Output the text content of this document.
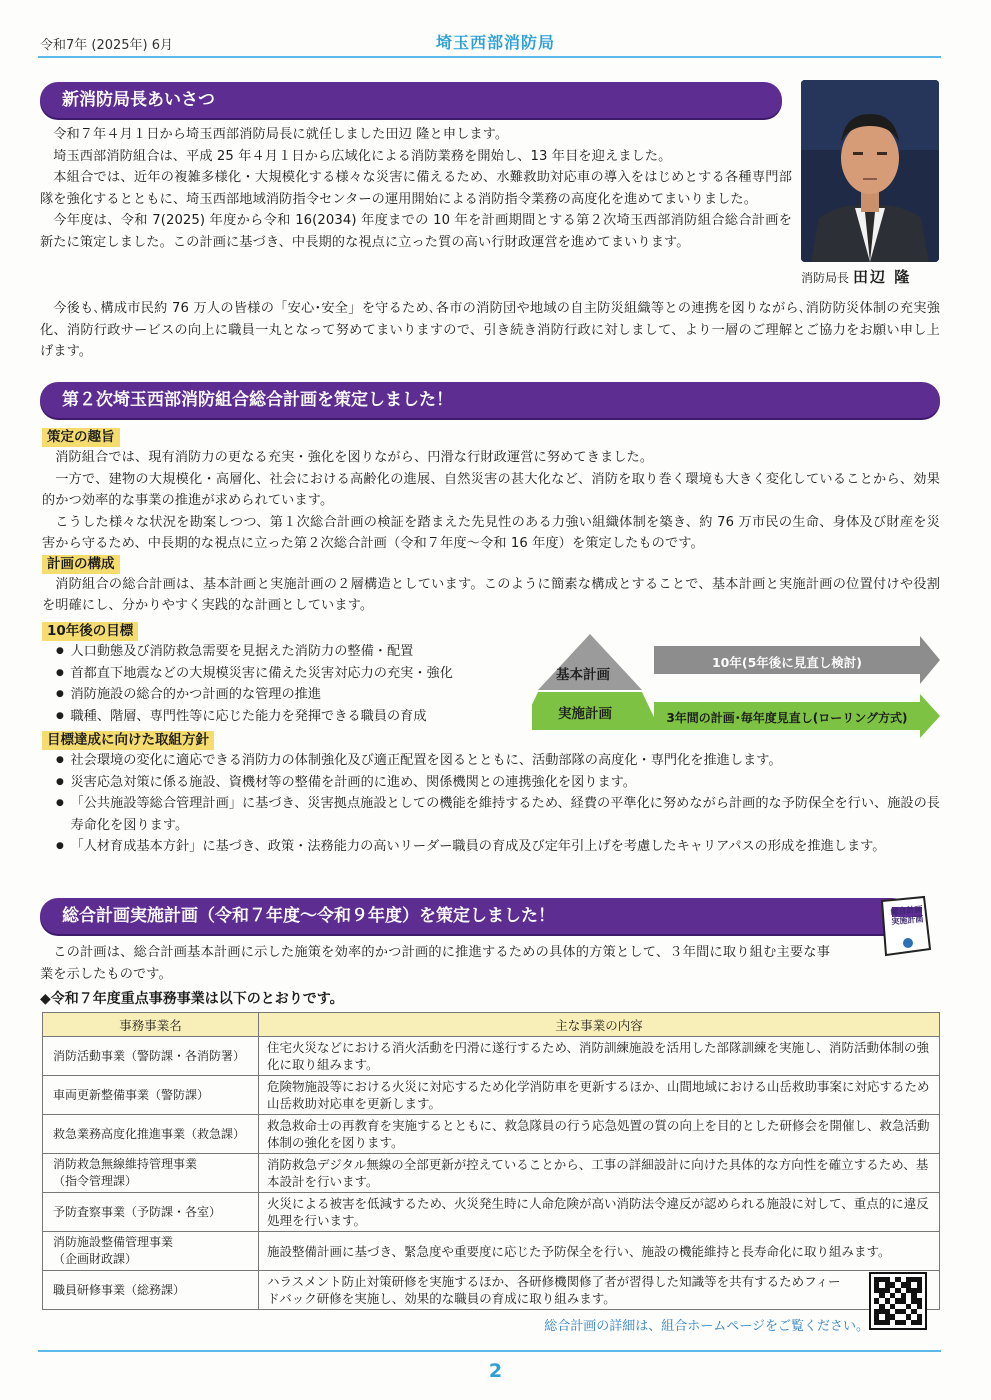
令和7年 (2025年) 6月	埼玉西部消防局
新消防局長あいさつ
消防局長 田辺 隆

令和７年４月１日から埼玉西部消防局長に就任しました田辺 隆と申します。

埼玉西部消防組合は、平成 25 年４月１日から広域化による消防業務を開始し、13 年目を迎えました。

本組合では、近年の複雑多様化・大規模化する様々な災害に備えるため、水難救助対応車の導入をはじめとする各種専門部隊を強化するとともに、埼玉西部地域消防指令センターの運用開始による消防指令業務の高度化を進めてまいりました。

今年度は、令和 7(2025) 年度から令和 16(2034) 年度までの 10 年を計画期間とする第２次埼玉西部消防組合総合計画を新たに策定しました。この計画に基づき、中長期的な視点に立った質の高い行財政運営を進めてまいります。

今後も､構成市民約 76 万人の皆様の「安心･安全」を守るため､各市の消防団や地域の自主防災組織等との連携を図りながら､消防防災体制の充実強化、消防行政サービスの向上に職員一丸となって努めてまいりますので、引き続き消防行政に対しまして、より一層のご理解とご協力をお願い申し上げます。

第２次埼玉西部消防組合総合計画を策定しました！
策定の趣旨

消防組合では、現有消防力の更なる充実・強化を図りながら、円滑な行財政運営に努めてきました。

一方で、建物の大規模化・高層化、社会における高齢化の進展、自然災害の甚大化など、消防を取り巻く環境も大きく変化していることから、効果的かつ効率的な事業の推進が求められています。

こうした様々な状況を勘案しつつ、第１次総合計画の検証を踏まえた先見性のある力強い組織体制を築き、約 76 万市民の生命、身体及び財産を災害から守るため、中長期的な視点に立った第２次総合計画（令和７年度～令和 16 年度）を策定したものです。

計画の構成

消防組合の総合計画は、基本計画と実施計画の２層構造としています。このように簡素な構成とすることで、基本計画と実施計画の位置付けや役割を明確にし、分かりやすく実践的な計画としています。

10年後の目標
● 人口動態及び消防救急需要を見据えた消防力の整備・配置
● 首都直下地震などの大規模災害に備えた災害対応力の充実・強化
● 消防施設の総合的かつ計画的な管理の推進
● 職種、階層、専門性等に応じた能力を発揮できる職員の育成
基本計画
実施計画
10年(5年後に見直し検討)
3年間の計画･毎年度見直し(ローリング方式)
目標達成に向けた取組方針
● 社会環境の変化に適応できる消防力の体制強化及び適正配置を図るとともに、活動部隊の高度化・専門化を推進します。
● 災害応急対策に係る施設、資機材等の整備を計画的に進め、関係機関との連携強化を図ります。
● 「公共施設等総合管理計画」に基づき、災害拠点施設としての機能を維持するため、経費の平準化に努めながら計画的な予防保全を行い、施設の長寿命化を図ります。
● 「人材育成基本方針」に基づき、政策・法務能力の高いリーダー職員の育成及び定年引上げを考慮したキャリアパスの形成を推進します。
総合計画実施計画（令和７年度～令和９年度）を策定しました！	総合計画
実施計画

この計画は、総合計画基本計画に示した施策を効率的かつ計画的に推進するための具体的方策として、３年間に取り組む主要な事業を示したものです。

◆令和７年度重点事務事業は以下のとおりです。
事務事業名	主な事業の内容
消防活動事業（警防課・各消防署）	住宅火災などにおける消火活動を円滑に遂行するため、消防訓練施設を活用した部隊訓練を実施し、消防活動体制の強化に取り組みます。
車両更新整備事業（警防課）	危険物施設等における火災に対応するため化学消防車を更新するほか、山間地域における山岳救助事案に対応するため山岳救助対応車を更新します。
救急業務高度化推進事業（救急課）	救急救命士の再教育を実施するとともに、救急隊員の行う応急処置の質の向上を目的とした研修会を開催し、救急活動体制の強化を図ります。
消防救急無線維持管理事業
（指令管理課）	消防救急デジタル無線の全部更新が控えていることから、工事の詳細設計に向けた具体的な方向性を確立するため、基本設計を行います。
予防査察事業（予防課・各室）	火災による被害を低減するため、火災発生時に人命危険が高い消防法令違反が認められる施設に対して、重点的に違反処理を行います。
消防施設整備管理事業
（企画財政課）	施設整備計画に基づき、緊急度や重要度に応じた予防保全を行い、施設の機能維持と長寿命化に取り組みます。
職員研修事業（総務課）	ハラスメント防止対策研修を実施するほか、各研修機関修了者が習得した知識等を共有するためフィードバック研修を実施し、効果的な職員の育成に取り組みます。
総合計画の詳細は、組合ホームページをご覧ください。
2
